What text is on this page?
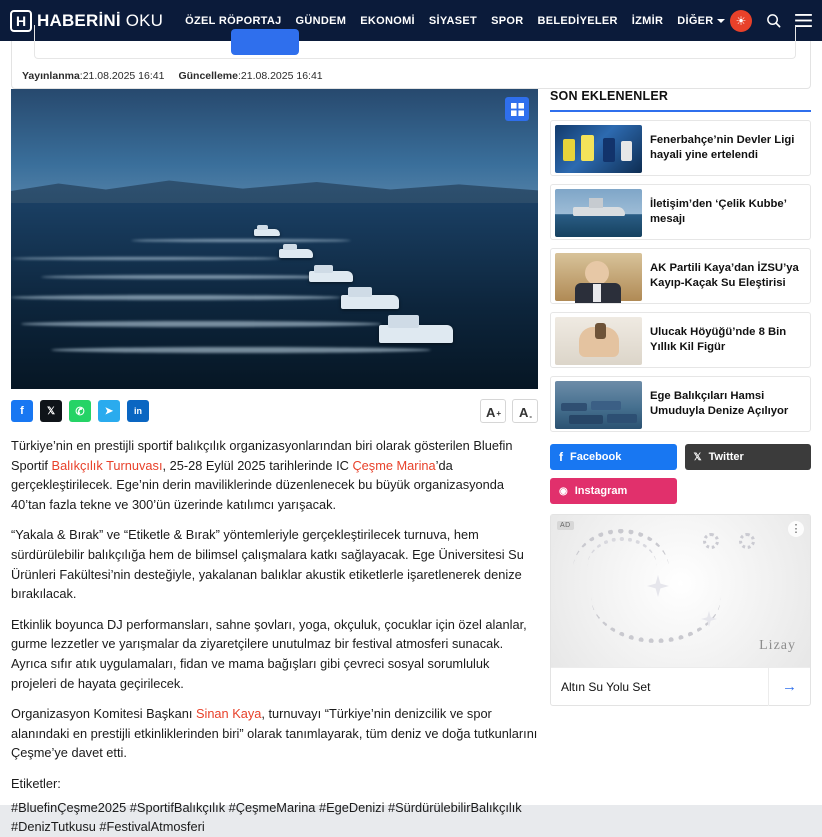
H HABERİNİ OKU ÖZEL RÖPORTAJ GÜNDEM EKONOMİ SİYASET SPOR BELEDİYELER İZMİR DİĞER	☀
Yayınlanma:21.08.2025 16:41 Güncelleme:21.08.2025 16:41
f 𝕏 ✆ ➤ in	A+ $A_-$

Türkiye’nin en prestijli sportif balıkçılık organizasyonlarından biri olarak gösterilen Bluefin Sportif Balıkçılık Turnuvası, 25-28 Eylül 2025 tarihlerinde IC Çeşme Marina’da gerçekleştirilecek. Ege’nin derin maviliklerinde düzenlenecek bu büyük organizasyonda 40’tan fazla tekne ve 300’ün üzerinde katılımcı yarışacak.

“Yakala & Bırak” ve “Etiketle & Bırak” yöntemleriyle gerçekleştirilecek turnuva, hem sürdürülebilir balıkçılığa hem de bilimsel çalışmalara katkı sağlayacak. Ege Üniversitesi Su Ürünleri Fakültesi’nin desteğiyle, yakalanan balıklar akustik etiketlerle işaretlenerek denize bırakılacak.

Etkinlik boyunca DJ performansları, sahne şovları, yoga, okçuluk, çocuklar için özel alanlar, gurme lezzetler ve yarışmalar da ziyaretçilere unutulmaz bir festival atmosferi sunacak. Ayrıca sıfır atık uygulamaları, fidan ve mama bağışları gibi çevreci sosyal sorumluluk projeleri de hayata geçirilecek.

Organizasyon Komitesi Başkanı Sinan Kaya, turnuvayı “Türkiye’nin denizcilik ve spor alanındaki en prestijli etkinliklerinden biri” olarak tanımlayarak, tüm deniz ve doğa tutkunlarını Çeşme’ye davet etti.

Etiketler:
#BluefinÇeşme2025 #SportifBalıkçılık #ÇeşmeMarina #EgeDenizi #SürdürülebilirBalıkçılık #DenizTutkusu #FestivalAtmosferi
SON EKLENENLER
Fenerbahçe’nin Devler Ligi hayali yine ertelendi
İletişim’den ‘Çelik Kubbe’ mesajı
AK Partili Kaya’dan İZSU’ya Kayıp-Kaçak Su Eleştirisi
Ulucak Höyüğü’nde 8 Bin Yıllık Kil Figür
Ege Balıkçıları Hamsi Umuduyla Denize Açılıyor
f Facebook	𝕏 Twitter
◉ Instagram
AD	⋮
Lizay
Altın Su Yolu Set	→
